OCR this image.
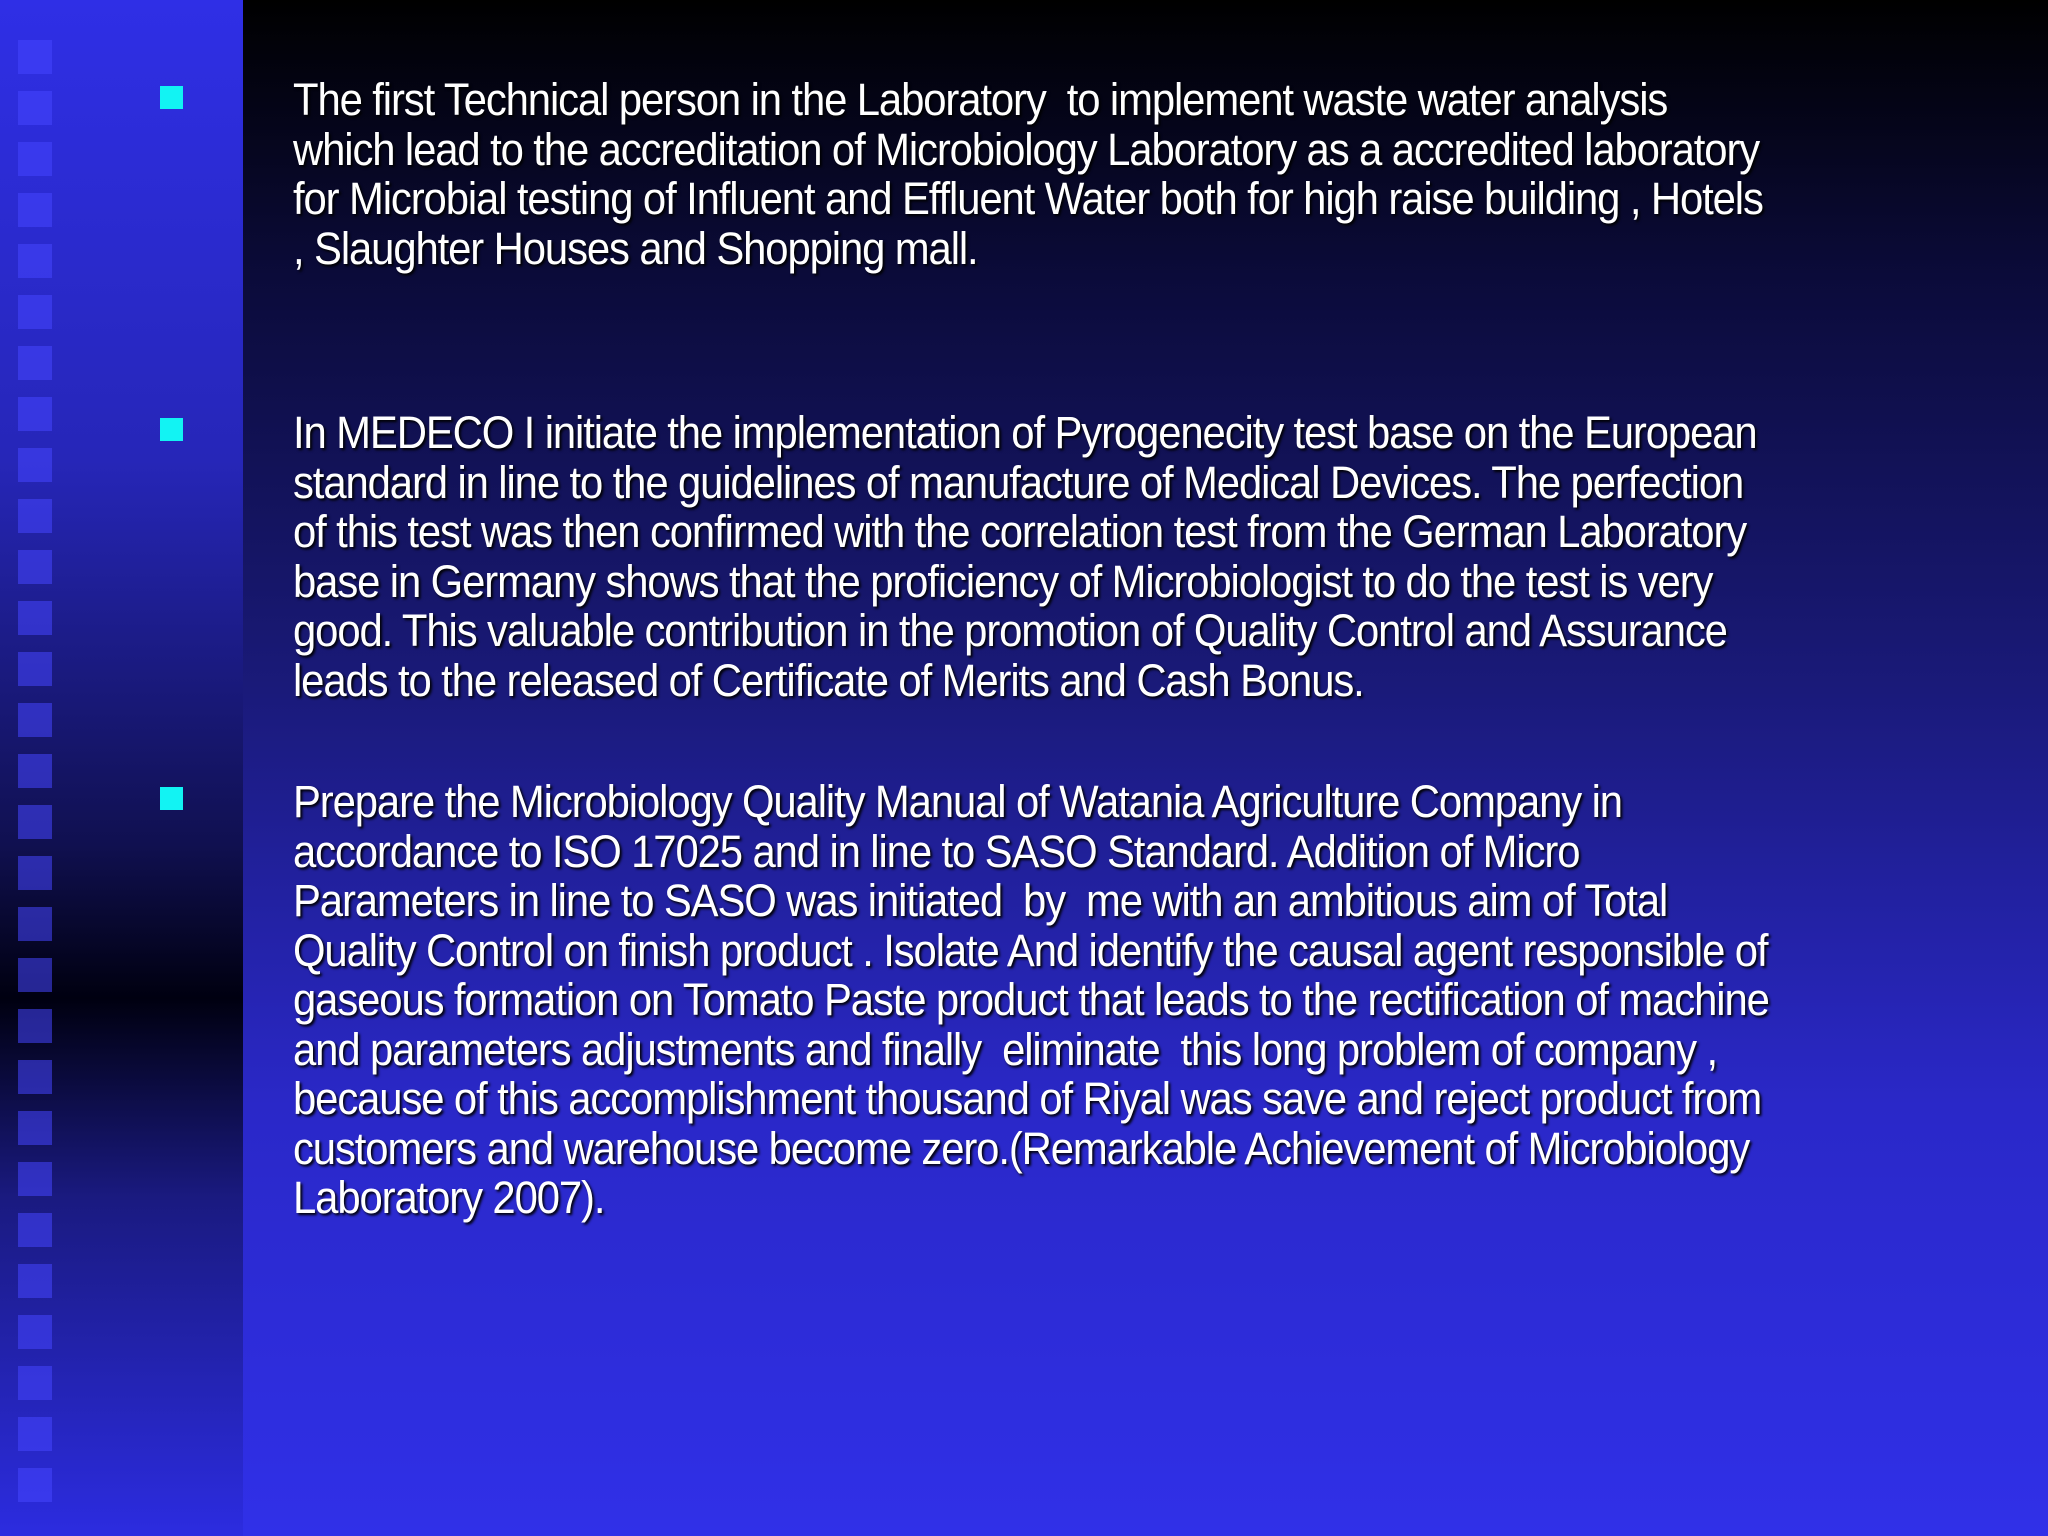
The first Technical person in the Laboratory  to implement waste water analysis
which lead to the accreditation of Microbiology Laboratory as a accredited laboratory
for Microbial testing of Influent and Effluent Water both for high raise building , Hotels
, Slaughter Houses and Shopping mall.
In MEDECO I initiate the implementation of Pyrogenecity test base on the European
standard in line to the guidelines of manufacture of Medical Devices. The perfection
of this test was then confirmed with the correlation test from the German Laboratory
base in Germany shows that the proficiency of Microbiologist to do the test is very
good. This valuable contribution in the promotion of Quality Control and Assurance
leads to the released of Certificate of Merits and Cash Bonus.
Prepare the Microbiology Quality Manual of Watania Agriculture Company in
accordance to ISO 17025 and in line to SASO Standard. Addition of Micro
Parameters in line to SASO was initiated  by  me with an ambitious aim of Total
Quality Control on finish product . Isolate And identify the causal agent responsible of
gaseous formation on Tomato Paste product that leads to the rectification of machine
and parameters adjustments and finally  eliminate  this long problem of company ,
because of this accomplishment thousand of Riyal was save and reject product from
customers and warehouse become zero.(Remarkable Achievement of Microbiology
Laboratory 2007).
